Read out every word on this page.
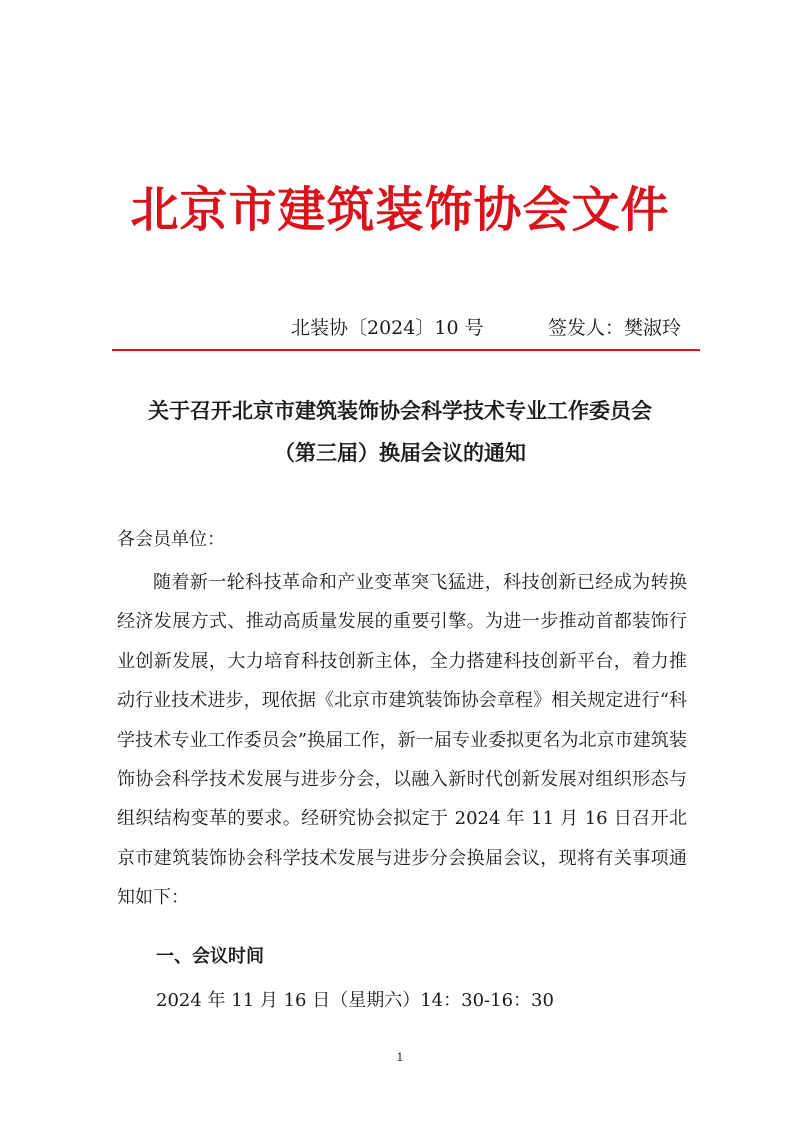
北京市建筑装饰协会文件
北装协〔2024〕10 号	签发人：樊淑玲
关于召开北京市建筑装饰协会科学技术专业工作委员会
（第三届）换届会议的通知
各会员单位：

随着新一轮科技革命和产业变革突飞猛进，科技创新已经成为转换经济发展方式、推动高质量发展的重要引擎。为进一步推动首都装饰行业创新发展，大力培育科技创新主体，全力搭建科技创新平台，着力推动行业技术进步，现依据《北京市建筑装饰协会章程》相关规定进行“科学技术专业工作委员会”换届工作，新一届专业委拟更名为北京市建筑装饰协会科学技术发展与进步分会，以融入新时代创新发展对组织形态与组织结构变革的要求。经研究协会拟定于 2024 年 11 月 16 日召开北京市建筑装饰协会科学技术发展与进步分会换届会议，现将有关事项通知如下：

一、会议时间
2024 年 11 月 16 日（星期六）14：30-16：30
1
